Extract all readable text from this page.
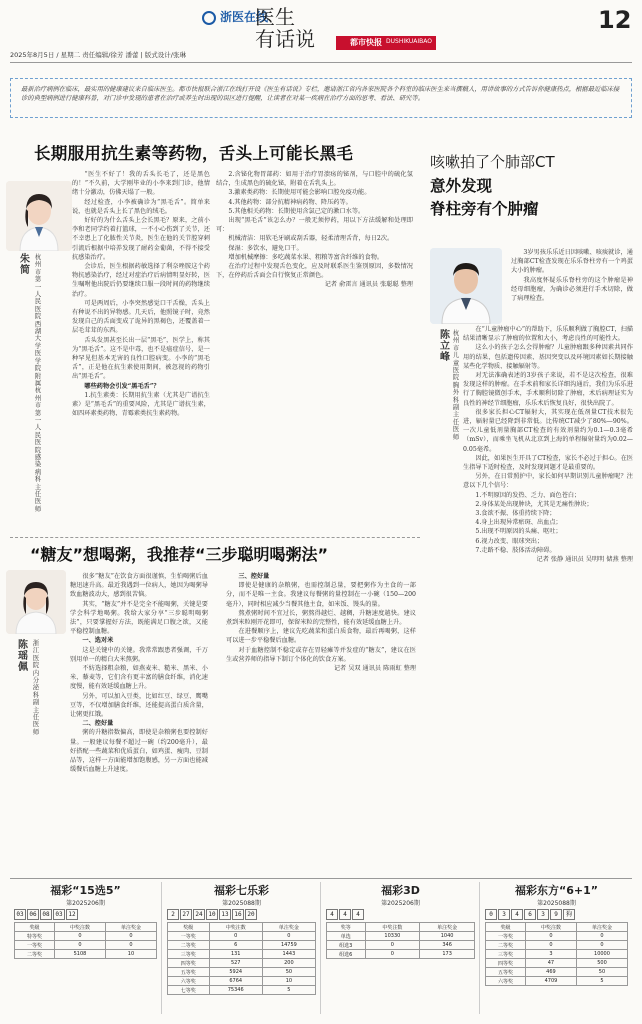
浙医在线
医生
有话说	都市快报 DUSHIKUAIBAO
12
2025年8月5日 / 星期二 责任编辑/徐芳 潘蕾 | 版式设计/张琳
最新治疗病例在临床，最实用的健康建议来自临床医生。都市快报联合浙江在线打开设《医生有话说》专栏，邀请浙江省内各家医院各个科室的临床医生来当撰稿人，用讲故事的方式告诉你健康热点，根据最近临床接诊的典型病例进行健康科普，对门诊中发现的患者在治疗或养生时出现的误区进行提醒，让读者在对某一疾病在治疗方面的思考、看法、研究等。
长期服用抗生素等药物，舌头上可能长黑毛
朱简
杭州市第一人民医院西湖大学医学院附属杭州市第一人民医院感染病科主任医师

“医生不好了！我的舌头长毛了，还是黑色的！”不久前，大学刚毕业的小李来到门诊，他情绪十分激动，仿佛天塌了一般。

经过检查，小李被确诊为“黑毛舌”。简单来说，也就是舌头上长了黑色的绒毛。

好好的为什么舌头上会长黑毛？原来，之前小李和老同学约着打篮球，一不小心伤到了关节，还不幸患上了化脓性关节炎，医生在他的关节腔穿刺引流后根据中培养发现了耐药金葡菌，不得不接受抗感染治疗。

会诊后，医生根据药敏选择了利奈唑胺这个药物抗感染治疗，经过对症治疗后病情明显好转，医生嘱咐他出院后仍要继续口服一段时间的药物继续治疗。

可是两周后，小李突然感觉口干舌燥，舌头上有种说不出的异物感。几天后，他照镜子时，竟然发现自己的舌面变成了诡异的黑褐色，还覆盖着一层毛茸茸的东西。

舌头发黑甚至长出一层“黑毛”，医学上，称其为“黑毛舌”。这不是中毒，也不是癌症信号，是一种罕见但基本无害的良性口腔病变。小李的“黑毛舌”，正是他在抗生素使用期间，被忽视的药物引出“黑毛舌”。

哪些药物会引发“黑毛舌”？

1.抗生素类：长期用抗生素（尤其是广谱抗生素）是“黑毛舌”的重要风险，尤其是广谱抗生素，如四环素类药物、青霉素类抗生素药物。

2.含铋化物胃部药：如用于治疗胃溃疡的铋剂，与口腔中的硫化氢结合，生成黑色的硫化铋，附着在舌乳头上。

3.激素类药物：长期使用可能会影响口腔免疫功能。

4.其他药物：部分抗精神病药物、降压药等。

5.其他相关药物：长期使用含氯己定的漱口水等。

出现“黑毛舌”该怎么办？一般无须停药，用以下方法缓解和处理即可：

机械清洁：用软毛牙刷或刮舌器，轻柔清理舌背，每日2次。

保湿：多饮水，避免口干。

增加机械摩擦：多吃蔬菜水果、粗粮等富含纤维的食物。

在治疗过程中发现舌色变化，应及时联系医生鉴别原因，多数情况下，在停药后舌面会自行恢复正常颜色。

记者 俞雷言 通讯员 张聪聪 整理

咳嗽拍了个肺部CT
意外发现
脊柱旁有个肿瘤
陈立峰
杭州市儿童医院胸外科副主任医师

3岁男孩乐乐近日因咳嗽、咳痰就诊，通过胸部CT检查发现在乐乐脊柱旁有一个鸡蛋大小的肿瘤。

我高度怀疑乐乐脊柱旁的这个肿瘤是神经母细胞瘤，为确诊必须进行手术切除，做了病理检查。

在“儿童肿瘤中心”的帮助下，乐乐顺利做了胸腔CT，扫描结果清晰显示了肿瘤的位置和大小，考虑良性的可能性大。

这么小的孩子怎么会得肿瘤？儿童肿瘤跟多种因素共同作用的结果，包括遗传因素、基因突变以及环境因素如长期接触某些化学物质、接触辐射等。

对无法准确表述的3岁孩子来说，若不是这次检查，很难发现这样的肿瘤。在手术前和家长详细沟通后，我们为乐乐进行了胸腔镜微创手术，手术顺利切除了肿瘤，术后病理证实为良性的神经节细胞瘤，乐乐术后恢复良好，很快出院了。

很多家长担心CT辐射大，其实现在低剂量CT技术很先进，辐射量已经降到非常低。比传统CT减少了80%—90%。一次儿童低剂量胸部CT检查的有效剂量约为0.1—0.3毫希（mSv），而乘坐飞机从北京到上海的单程辐射量约为0.02—0.05毫希。

因此，如果医生开具了CT检查，家长不必过于担心。在医生指导下适时检查，及时发现问题才是最重要的。

另外，在日常照护中，家长如何早期识别儿童肿瘤呢？注意以下几个信号：

1.不明原因的发热、乏力、面色苍白；

2.身体某处出现肿块，尤其是无痛性肿块；

3.食欲不振、体重持续下降；

4.身上出现异常瘀斑、出血点；

5.出现不明原因的头痛、呕吐；

6.视力改变、眼球突出；

7.走路不稳、肢体活动障碍。

记者 张静 通讯员 吴明明 储燕 整理

“糖友”想喝粥，我推荐“三步聪明喝粥法”
陈瑶佩
浙江医院内分泌科副主任医师

很多“糖友”在饮食方面很谨慎，生怕喝粥后血糖迅速升高。最近我遇到一位病人，她因为喝粥导致血糖波动大，感到很苦恼。

其实，“糖友”并不是完全不能喝粥，关键是要学会科学地喝粥。我给大家分享“三步聪明喝粥法”，只要掌握好方法，既能满足口腹之欲，又能平稳控制血糖。

一、选对米

这是关键中的关键。我常常跟患者强调，千万别用单一的精白大米熬粥。

不妨选择粗杂粮，如燕麦米、糙米、黑米、小米、藜麦等，它们含有更丰富的膳食纤维，消化速度慢，能有效延缓血糖上升。

另外，可以加入豆类，比如红豆、绿豆、鹰嘴豆等，不仅增加膳食纤维，还能提高蛋白质含量，让粥更扛饿。

二、控好量

粥的升糖指数偏高，即使是杂粮粥也要控制好量。一般建议每餐不超过一碗（约200毫升），最好搭配一些蔬菜和优质蛋白，如鸡蛋、瘦肉、豆制品等，这样一方面能增加饱腹感，另一方面也能减缓餐后血糖上升速度。

三、控好量

即使是健康的杂粮粥，也需控制总量，要把粥作为主食的一部分，而不是唯一主食。我建议每餐粥的量控制在一小碗（150—200毫升），同时相应减少当餐其他主食，如米饭、馒头的量。

熬煮粥时间不宜过长，粥熬得越烂、越稠，升糖速度越快。建议煮到米粒刚开花即可，保留米粒的完整性，能有效延缓血糖上升。

在进餐顺序上，建议先吃蔬菜和蛋白质食物，最后再喝粥，这样可以进一步平稳餐后血糖。

对于血糖控制不稳定或存在胃轻瘫等并发症的“糖友”，建议在医生或营养师的指导下制订个体化的饮食方案。

记者 吴双 通讯员 陈雨虹 整理

福彩“15选5”
第2025206期
03 06 08 03 12
奖级	中奖注数	单注奖金
特等奖	0	0
一等奖	0	0
二等奖	5108	10
福彩七乐彩
第2025088期
2	27 24 10 13 16 20
奖级	中奖注数	单注奖金
一等奖	0	0
二等奖	6	14759
三等奖	131	1443
四等奖	527	200
五等奖	5924	50
六等奖	6764	10
七等奖	75346	5
福彩3D
第2025206期
4	4	4
奖等	中奖注数	单注奖金
单选	10330	1040
组选3	0	346
组选6	0	173
福彩东方“6+1”
第2025088期
0	3	4	6	3	9	狗
奖级	中奖注数	单注奖金
一等奖	0	0
二等奖	0	0
三等奖	3	10000
四等奖	47	500
五等奖	469	50
六等奖	4709	5
